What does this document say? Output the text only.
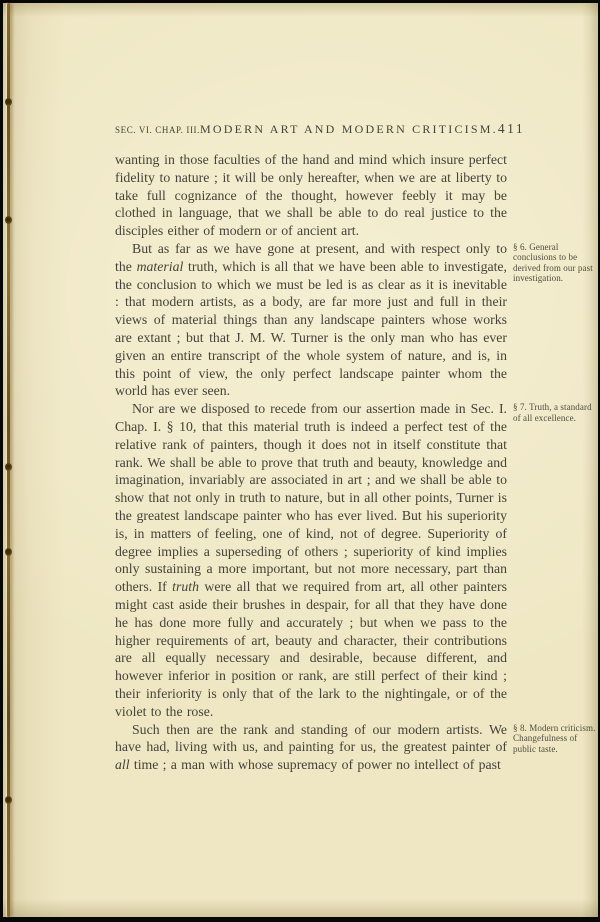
SEC. VI. CHAP. III. MODERN ART AND MODERN CRITICISM. 411

wanting in those faculties of the hand and mind which insure perfect fidelity to nature ; it will be only hereafter, when we are at liberty to take full cognizance of the thought, however feebly it may be clothed in language, that we shall be able to do real justice to the disciples either of modern or of ancient art.

But as far as we have gone at present, and with respect only to the material truth, which is all that we have been able to investigate, the conclusion to which we must be led is as clear as it is inevitable : that modern artists, as a body, are far more just and full in their views of material things than any landscape painters whose works are extant ; but that J. M. W. Turner is the only man who has ever given an entire transcript of the whole system of nature, and is, in this point of view, the only perfect landscape painter whom the world has ever seen.
§ 6. General conclusions to be derived from our past investigation.

Nor are we disposed to recede from our assertion made in Sec. I. Chap. I. § 10, that this material truth is indeed a perfect test of the relative rank of painters, though it does not in itself constitute that rank. We shall be able to prove that truth and beauty, knowledge and imagination, invariably are associated in art ; and we shall be able to show that not only in truth to nature, but in all other points, Turner is the greatest landscape painter who has ever lived. But his superiority is, in matters of feeling, one of kind, not of degree. Superiority of degree implies a superseding of others ; superiority of kind implies only sustaining a more important, but not more necessary, part than others. If truth were all that we required from art, all other painters might cast aside their brushes in despair, for all that they have done he has done more fully and accurately ; but when we pass to the higher requirements of art, beauty and character, their contributions are all equally necessary and desirable, because different, and however inferior in position or rank, are still perfect of their kind ; their inferiority is only that of the lark to the nightingale, or of the violet to the rose.
§ 7. Truth, a standard of all excellence.

Such then are the rank and standing of our modern artists. We have had, living with us, and painting for us, the greatest painter of all time ; a man with whose supremacy of power no intellect of past
§ 8. Modern criticism. Changefulness of public taste.
